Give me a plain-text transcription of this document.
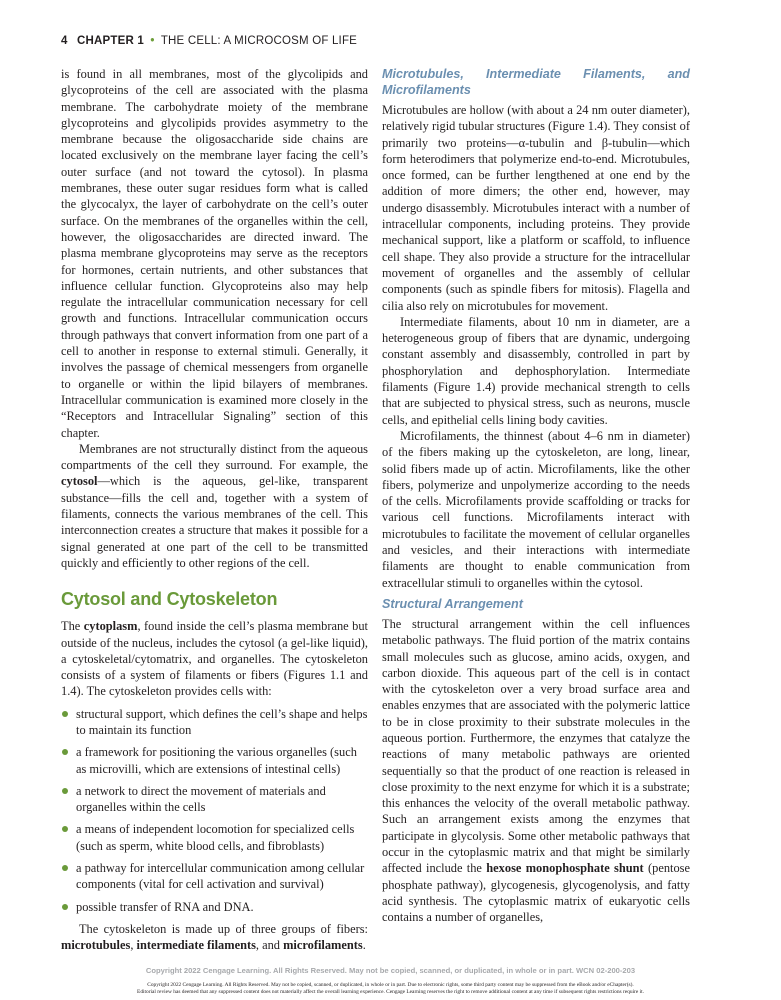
4 CHAPTER 1 • THE CELL: A MICROCOSM OF LIFE

is found in all membranes, most of the glycolipids and glycoproteins of the cell are associated with the plasma membrane. The carbohydrate moiety of the membrane glycoproteins and glycolipids provides asymmetry to the membrane because the oligosaccharide side chains are located exclusively on the membrane layer facing the cell’s outer surface (and not toward the cytosol). In plasma membranes, these outer sugar residues form what is called the glycocalyx, the layer of carbohydrate on the cell’s outer surface. On the membranes of the organelles within the cell, however, the oligosaccharides are directed inward. The plasma membrane glycoproteins may serve as the receptors for hormones, certain nutrients, and other substances that influence cellular function. Glycoproteins also may help regulate the intracellular communication necessary for cell growth and functions. Intracellular communication occurs through pathways that convert information from one part of a cell to another in response to external stimuli. Generally, it involves the passage of chemical messengers from organelle to organelle or within the lipid bilayers of membranes. Intracellular communication is examined more closely in the “Receptors and Intracellular Signaling” section of this chapter.

Membranes are not structurally distinct from the aqueous compartments of the cell they surround. For example, the cytosol—which is the aqueous, gel-like, transparent substance—fills the cell and, together with a system of filaments, connects the various membranes of the cell. This interconnection creates a structure that makes it possible for a signal generated at one part of the cell to be transmitted quickly and efficiently to other regions of the cell.

Cytosol and Cytoskeleton

The cytoplasm, found inside the cell’s plasma membrane but outside of the nucleus, includes the cytosol (a gel-like liquid), a cytoskeletal/cytomatrix, and organelles. The cytoskeleton consists of a system of filaments or fibers (Figures 1.1 and 1.4). The cytoskeleton provides cells with:

structural support, which defines the cell’s shape and helps to maintain its function
a framework for positioning the various organelles (such as microvilli, which are extensions of intestinal cells)
a network to direct the movement of materials and organelles within the cells
a means of independent locomotion for specialized cells (such as sperm, white blood cells, and fibroblasts)
a pathway for intercellular communication among cellular components (vital for cell activation and survival)
possible transfer of RNA and DNA.

The cytoskeleton is made up of three groups of fibers: microtubules, intermediate filaments, and microfilaments.

Microtubules, Intermediate Filaments, and Microfilaments

Microtubules are hollow (with about a 24 nm outer diameter), relatively rigid tubular structures (Figure 1.4). They consist of primarily two proteins—α-tubulin and β-tubulin—which form heterodimers that polymerize end-to-end. Microtubules, once formed, can be further lengthened at one end by the addition of more dimers; the other end, however, may undergo disassembly. Microtubules interact with a number of intracellular components, including proteins. They provide mechanical support, like a platform or scaffold, to influence cell shape. They also provide a structure for the intracellular movement of organelles and the assembly of cellular components (such as spindle fibers for mitosis). Flagella and cilia also rely on microtubules for movement.

Intermediate filaments, about 10 nm in diameter, are a heterogeneous group of fibers that are dynamic, undergoing constant assembly and disassembly, controlled in part by phosphorylation and dephosphorylation. Intermediate filaments (Figure 1.4) provide mechanical strength to cells that are subjected to physical stress, such as neurons, muscle cells, and epithelial cells lining body cavities.

Microfilaments, the thinnest (about 4–6 nm in diameter) of the fibers making up the cytoskeleton, are long, linear, solid fibers made up of actin. Microfilaments, like the other fibers, polymerize and unpolymerize according to the needs of the cells. Microfilaments provide scaffolding or tracks for various cell functions. Microfilaments interact with microtubules to facilitate the movement of cellular organelles and vesicles, and their interactions with intermediate filaments are thought to enable communication from extracellular stimuli to organelles within the cytosol.

Structural Arrangement

The structural arrangement within the cell influences metabolic pathways. The fluid portion of the matrix contains small molecules such as glucose, amino acids, oxygen, and carbon dioxide. This aqueous part of the cell is in contact with the cytoskeleton over a very broad surface area and enables enzymes that are associated with the polymeric lattice to be in close proximity to their substrate molecules in the aqueous portion. Furthermore, the enzymes that catalyze the reactions of many metabolic pathways are oriented sequentially so that the product of one reaction is released in close proximity to the next enzyme for which it is a substrate; this enhances the velocity of the overall metabolic pathway. Such an arrangement exists among the enzymes that participate in glycolysis. Some other metabolic pathways that occur in the cytoplasmic matrix and that might be similarly affected include the hexose monophosphate shunt (pentose phosphate pathway), glycogenesis, glycogenolysis, and fatty acid synthesis. The cytoplasmic matrix of eukaryotic cells contains a number of organelles,

Copyright 2022 Cengage Learning. All Rights Reserved. May not be copied, scanned, or duplicated, in whole or in part. WCN 02-200-203
Copyright 2022 Cengage Learning. All Rights Reserved. May not be copied, scanned, or duplicated, in whole or in part. Due to electronic rights, some third party content may be suppressed from the eBook and/or eChapter(s).
Editorial review has deemed that any suppressed content does not materially affect the overall learning experience. Cengage Learning reserves the right to remove additional content at any time if subsequent rights restrictions require it.
